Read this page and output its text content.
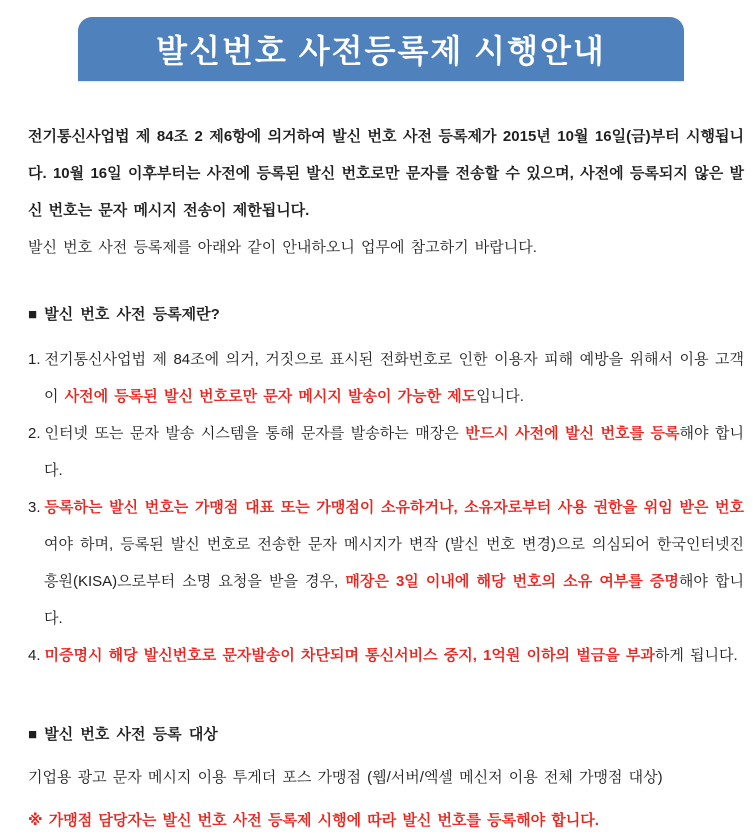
발신번호 사전등록제 시행안내

전기통신사업법 제 84조 2 제6항에 의거하여 발신 번호 사전 등록제가 2015년 10월 16일(금)부터 시행됩니다. 10월 16일 이후부터는 사전에 등록된 발신 번호로만 문자를 전송할 수 있으며, 사전에 등록되지 않은 발신 번호는 문자 메시지 전송이 제한됩니다.

발신 번호 사전 등록제를 아래와 같이 안내하오니 업무에 참고하기 바랍니다.

■ 발신 번호 사전 등록제란?
1. 전기통신사업법 제 84조에 의거, 거짓으로 표시된 전화번호로 인한 이용자 피해 예방을 위해서 이용 고객이 사전에 등록된 발신 번호로만 문자 메시지 발송이 가능한 제도입니다.
2. 인터넷 또는 문자 발송 시스템을 통해 문자를 발송하는 매장은 반드시 사전에 발신 번호를 등록해야 합니다.
3. 등록하는 발신 번호는 가맹점 대표 또는 가맹점이 소유하거나, 소유자로부터 사용 권한을 위임 받은 번호여야 하며, 등록된 발신 번호로 전송한 문자 메시지가 변작 (발신 번호 변경)으로 의심되어 한국인터넷진흥원(KISA)으로부터 소명 요청을 받을 경우, 매장은 3일 이내에 해당 번호의 소유 여부를 증명해야 합니다.
4. 미증명시 해당 발신번호로 문자발송이 차단되며 통신서비스 중지, 1억원 이하의 벌금을 부과하게 됩니다.
■ 발신 번호 사전 등록 대상

기업용 광고 문자 메시지 이용 투게더 포스 가맹점 (웹/서버/엑셀 메신저 이용 전체 가맹점 대상)

※ 가맹점 담당자는 발신 번호 사전 등록제 시행에 따라 발신 번호를 등록해야 합니다.
